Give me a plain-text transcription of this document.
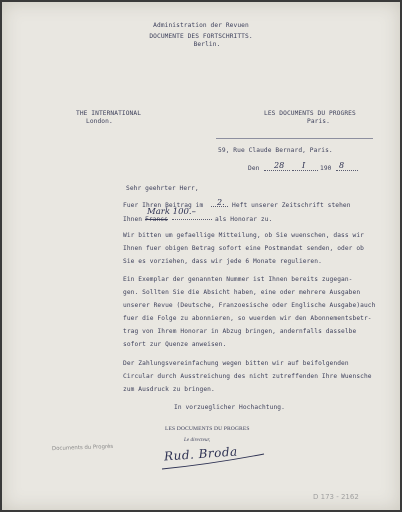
Administration der Revuen
DOCUMENTE DES FORTSCHRITTS.
Berlin.
THE INTERNATIONAL
London.
LES DOCUMENTS DU PROGRES
Paris.
59, Rue Claude Bernard, Paris.
Den 28 I 190 8
Sehr geehrter Herr,
Fuer Ihren Beitrag im 2. Heft unserer Zeitschrift stehen
Ihnen Francs
Mark 100.–
als Honorar zu.
Wir bitten um gefaellige Mitteilung, ob Sie wuenschen, dass wir
Ihnen fuer obigen Betrag sofort eine Postmandat senden, oder ob
Sie es vorziehen, dass wir jede 6 Monate regulieren.
Ein Exemplar der genannten Nummer ist Ihnen bereits zugegan-
gen. Sollten Sie die Absicht haben, eine oder mehrere Ausgaben
unserer Revue (Deutsche, Franzoesische oder Englische Ausgabe)auch
fuer die Folge zu abonnieren, so wuerden wir den Abonnementsbetr-
trag von Ihrem Honorar in Abzug bringen, andernfalls dasselbe
sofort zur Quenze anweisen.
Der Zahlungsvereinfachung wegen bitten wir auf beifolgenden
Circular durch Ausstreichung des nicht zutreffenden Ihre Wuensche
zum Ausdruck zu bringen.
In vorzueglicher Hochachtung.
LES DOCUMENTS DU PROGRES
Le directeur,
Rud. Broda
Documents du Progrès
D 173 - 2162
